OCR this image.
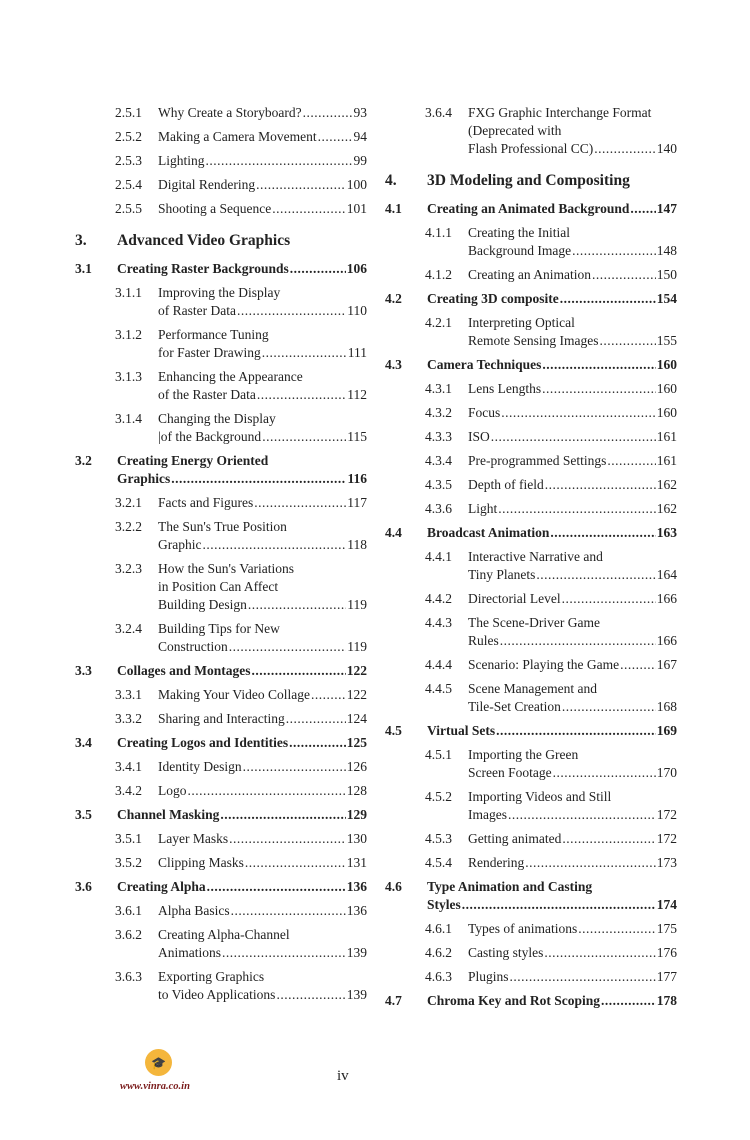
2.5.1 Why Create a Storyboard? .....	93
2.5.2 Making a Camera Movement .....	94
2.5.3 Lighting .....	99
2.5.4 Digital Rendering .....	100
2.5.5 Shooting a Sequence .....	101
3. Advanced Video Graphics
3.1 Creating Raster Backgrounds .....	106
3.1.1 Improving the Display
of Raster Data .....	110
3.1.2 Performance Tuning
for Faster Drawing .....	111
3.1.3 Enhancing the Appearance
of the Raster Data .....	112
3.1.4 Changing the Display
|of the Background .....	115
3.2 Creating Energy Oriented
Graphics .....	116
3.2.1 Facts and Figures .....	117
3.2.2 The Sun's True Position
Graphic .....	118
3.2.3 How the Sun's Variations
in Position Can Affect
Building Design .....	119
3.2.4 Building Tips for New
Construction .....	119
3.3 Collages and Montages .....	122
3.3.1 Making Your Video Collage .....	122
3.3.2 Sharing and Interacting .....	124
3.4 Creating Logos and Identities .....	125
3.4.1 Identity Design .....	126
3.4.2 Logo .....	128
3.5 Channel Masking .....	129
3.5.1 Layer Masks .....	130
3.5.2 Clipping Masks .....	131
3.6 Creating Alpha .....	136
3.6.1 Alpha Basics .....	136
3.6.2 Creating Alpha-Channel
Animations .....	139
3.6.3 Exporting Graphics
to Video Applications .....	139
3.6.4 FXG Graphic Interchange Format
(Deprecated with
Flash Professional CC) .....	140
4. 3D Modeling and Compositing
4.1 Creating an Animated Background ..... 147
4.1.1 Creating the Initial
Background Image .....	148
4.1.2 Creating an Animation .....	150
4.2 Creating 3D composite .....	154
4.2.1 Interpreting Optical
Remote Sensing Images .....	155
4.3 Camera Techniques .....	160
4.3.1 Lens Lengths .....	160
4.3.2 Focus .....	160
4.3.3 ISO .....	161
4.3.4 Pre-programmed Settings .....	161
4.3.5 Depth of field .....	162
4.3.6 Light .....	162
4.4 Broadcast Animation .....	163
4.4.1 Interactive Narrative and
Tiny Planets .....	164
4.4.2 Directorial Level .....	166
4.4.3 The Scene-Driver Game
Rules .....	166
4.4.4 Scenario: Playing the Game .....	167
4.4.5 Scene Management and
Tile-Set Creation .....	168
4.5 Virtual Sets .....	169
4.5.1 Importing the Green
Screen Footage .....	170
4.5.2 Importing Videos and Still
Images .....	172
4.5.3 Getting animated .....	172
4.5.4 Rendering .....	173
4.6 Type Animation and Casting
Styles .....	174
4.6.1 Types of animations .....	175
4.6.2 Casting styles .....	176
4.6.3 Plugins .....	177
4.7 Chroma Key and Rot Scoping .....	178
🎓
www.vinra.co.in
iv
